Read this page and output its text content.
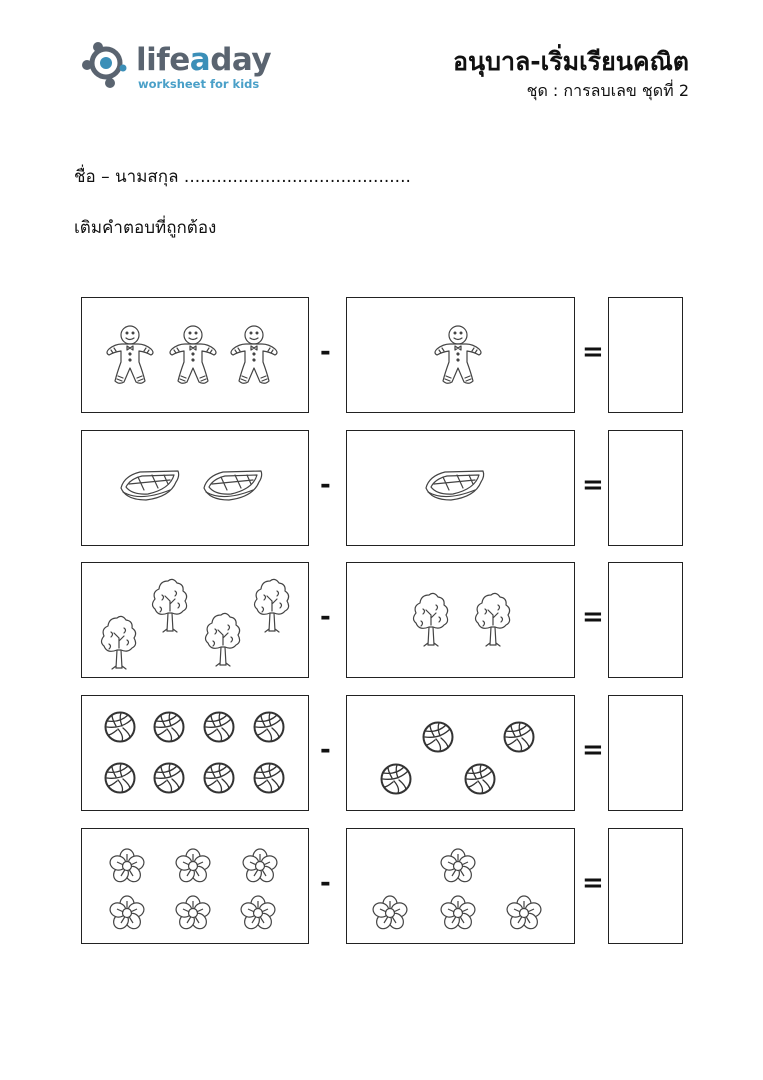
lifeaday
worksheet for kids
อนุบาล-เริ่มเรียนคณิต
ชุด : การลบเลข ชุดที่ 2
ชื่อ – นามสกุล ..........................................
เติมคำตอบที่ถูกต้อง
-	=
-	=
-	=
-	=
-	=
